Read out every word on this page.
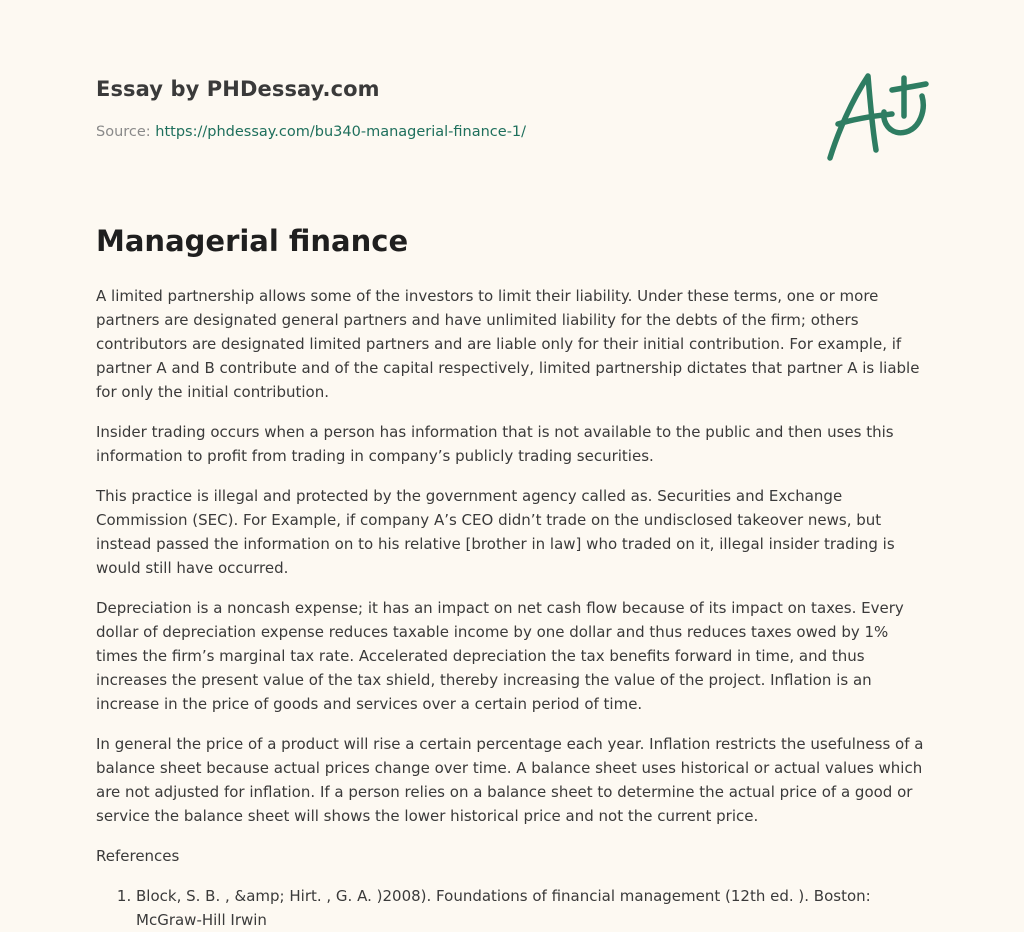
Essay by PHDessay.com
Source: https://phdessay.com/bu340-managerial-finance-1/
Managerial finance

A limited partnership allows some of the investors to limit their liability. Under these terms, one or more partners are designated general partners and have unlimited liability for the debts of the firm; others contributors are designated limited partners and are liable only for their initial contribution. For example, if partner A and B contribute and of the capital respectively, limited partnership dictates that partner A is liable for only the initial contribution.

Insider trading occurs when a person has information that is not available to the public and then uses this information to profit from trading in company’s publicly trading securities.

This practice is illegal and protected by the government agency called as. Securities and Exchange Commission (SEC). For Example, if company A’s CEO didn’t trade on the undisclosed takeover news, but instead passed the information on to his relative [brother in law] who traded on it, illegal insider trading is would still have occurred.

Depreciation is a noncash expense; it has an impact on net cash flow because of its impact on taxes. Every dollar of depreciation expense reduces taxable income by one dollar and thus reduces taxes owed by 1% times the firm’s marginal tax rate. Accelerated depreciation the tax benefits forward in time, and thus increases the present value of the tax shield, thereby increasing the value of the project. Inflation is an increase in the price of goods and services over a certain period of time.

In general the price of a product will rise a certain percentage each year. Inflation restricts the usefulness of a balance sheet because actual prices change over time. A balance sheet uses historical or actual values which are not adjusted for inflation. If a person relies on a balance sheet to determine the actual price of a good or service the balance sheet will shows the lower historical price and not the current price.

References
1. Block, S. B. , &amp; Hirt. , G. A. )2008). Foundations of financial management (12th ed. ). Boston: McGraw-Hill Irwin
